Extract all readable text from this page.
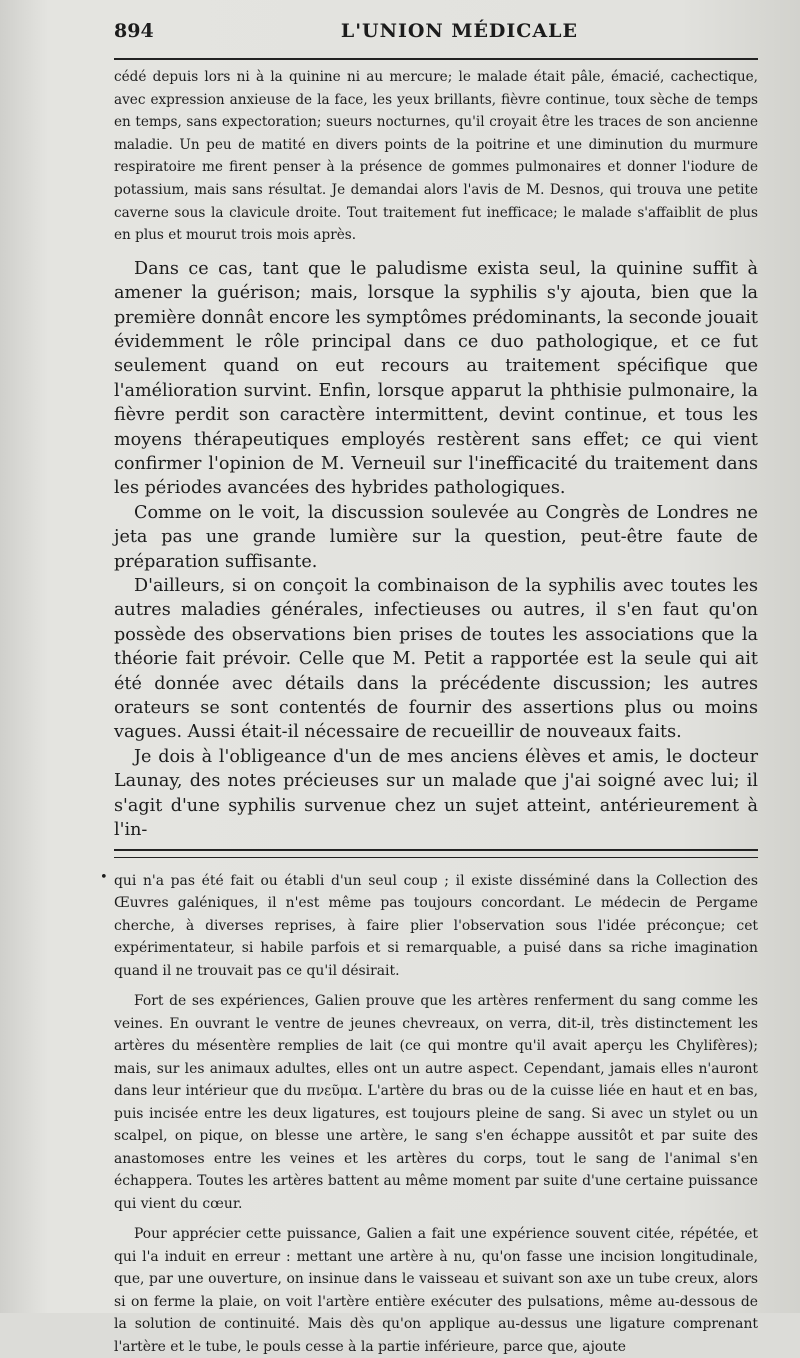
894	L'UNION MÉDICALE

cédé depuis lors ni à la quinine ni au mercure; le malade était pâle, émacié, cachectique, avec expression anxieuse de la face, les yeux brillants, fièvre continue, toux sèche de temps en temps, sans expectoration; sueurs nocturnes, qu'il croyait être les traces de son ancienne maladie. Un peu de matité en divers points de la poitrine et une diminution du murmure respiratoire me firent penser à la présence de gommes pulmonaires et donner l'iodure de potassium, mais sans résultat. Je demandai alors l'avis de M. Desnos, qui trouva une petite caverne sous la clavicule droite. Tout traitement fut inefficace; le malade s'affaiblit de plus en plus et mourut trois mois après.

Dans ce cas, tant que le paludisme exista seul, la quinine suffit à amener la guérison; mais, lorsque la syphilis s'y ajouta, bien que la première donnât encore les symptômes prédominants, la seconde jouait évidemment le rôle principal dans ce duo pathologique, et ce fut seulement quand on eut recours au traitement spécifique que l'amélioration survint. Enfin, lorsque apparut la phthisie pulmonaire, la fièvre perdit son caractère intermittent, devint continue, et tous les moyens thérapeutiques employés restèrent sans effet; ce qui vient confirmer l'opinion de M. Verneuil sur l'inefficacité du traitement dans les périodes avancées des hybrides pathologiques.

Comme on le voit, la discussion soulevée au Congrès de Londres ne jeta pas une grande lumière sur la question, peut-être faute de préparation suffisante.

D'ailleurs, si on conçoit la combinaison de la syphilis avec toutes les autres maladies générales, infectieuses ou autres, il s'en faut qu'on possède des observations bien prises de toutes les associations que la théorie fait prévoir. Celle que M. Petit a rapportée est la seule qui ait été donnée avec détails dans la précédente discussion; les autres orateurs se sont contentés de fournir des assertions plus ou moins vagues. Aussi était-il nécessaire de recueillir de nouveaux faits.

Je dois à l'obligeance d'un de mes anciens élèves et amis, le docteur Launay, des notes précieuses sur un malade que j'ai soigné avec lui; il s'agit d'une syphilis survenue chez un sujet atteint, antérieurement à l'in-

• qui n'a pas été fait ou établi d'un seul coup ; il existe disséminé dans la Collection des Œuvres galéniques, il n'est même pas toujours concordant. Le médecin de Pergame cherche, à diverses reprises, à faire plier l'observation sous l'idée préconçue; cet expérimentateur, si habile parfois et si remarquable, a puisé dans sa riche imagination quand il ne trouvait pas ce qu'il désirait.

Fort de ses expériences, Galien prouve que les artères renferment du sang comme les veines. En ouvrant le ventre de jeunes chevreaux, on verra, dit-il, très distinctement les artères du mésentère remplies de lait (ce qui montre qu'il avait aperçu les Chylifères); mais, sur les animaux adultes, elles ont un autre aspect. Cependant, jamais elles n'auront dans leur intérieur que du πνεῦμα. L'artère du bras ou de la cuisse liée en haut et en bas, puis incisée entre les deux ligatures, est toujours pleine de sang. Si avec un stylet ou un scalpel, on pique, on blesse une artère, le sang s'en échappe aussitôt et par suite des anastomoses entre les veines et les artères du corps, tout le sang de l'animal s'en échappera. Toutes les artères battent au même moment par suite d'une certaine puissance qui vient du cœur.

Pour apprécier cette puissance, Galien a fait une expérience souvent citée, répétée, et qui l'a induit en erreur : mettant une artère à nu, qu'on fasse une incision longitudinale, que, par une ouverture, on insinue dans le vaisseau et suivant son axe un tube creux, alors si on ferme la plaie, on voit l'artère entière exécuter des pulsations, même au-dessous de la solution de continuité. Mais dès qu'on applique au-dessus une ligature comprenant l'artère et le tube, le pouls cesse à la partie inférieure, parce que, ajoute
